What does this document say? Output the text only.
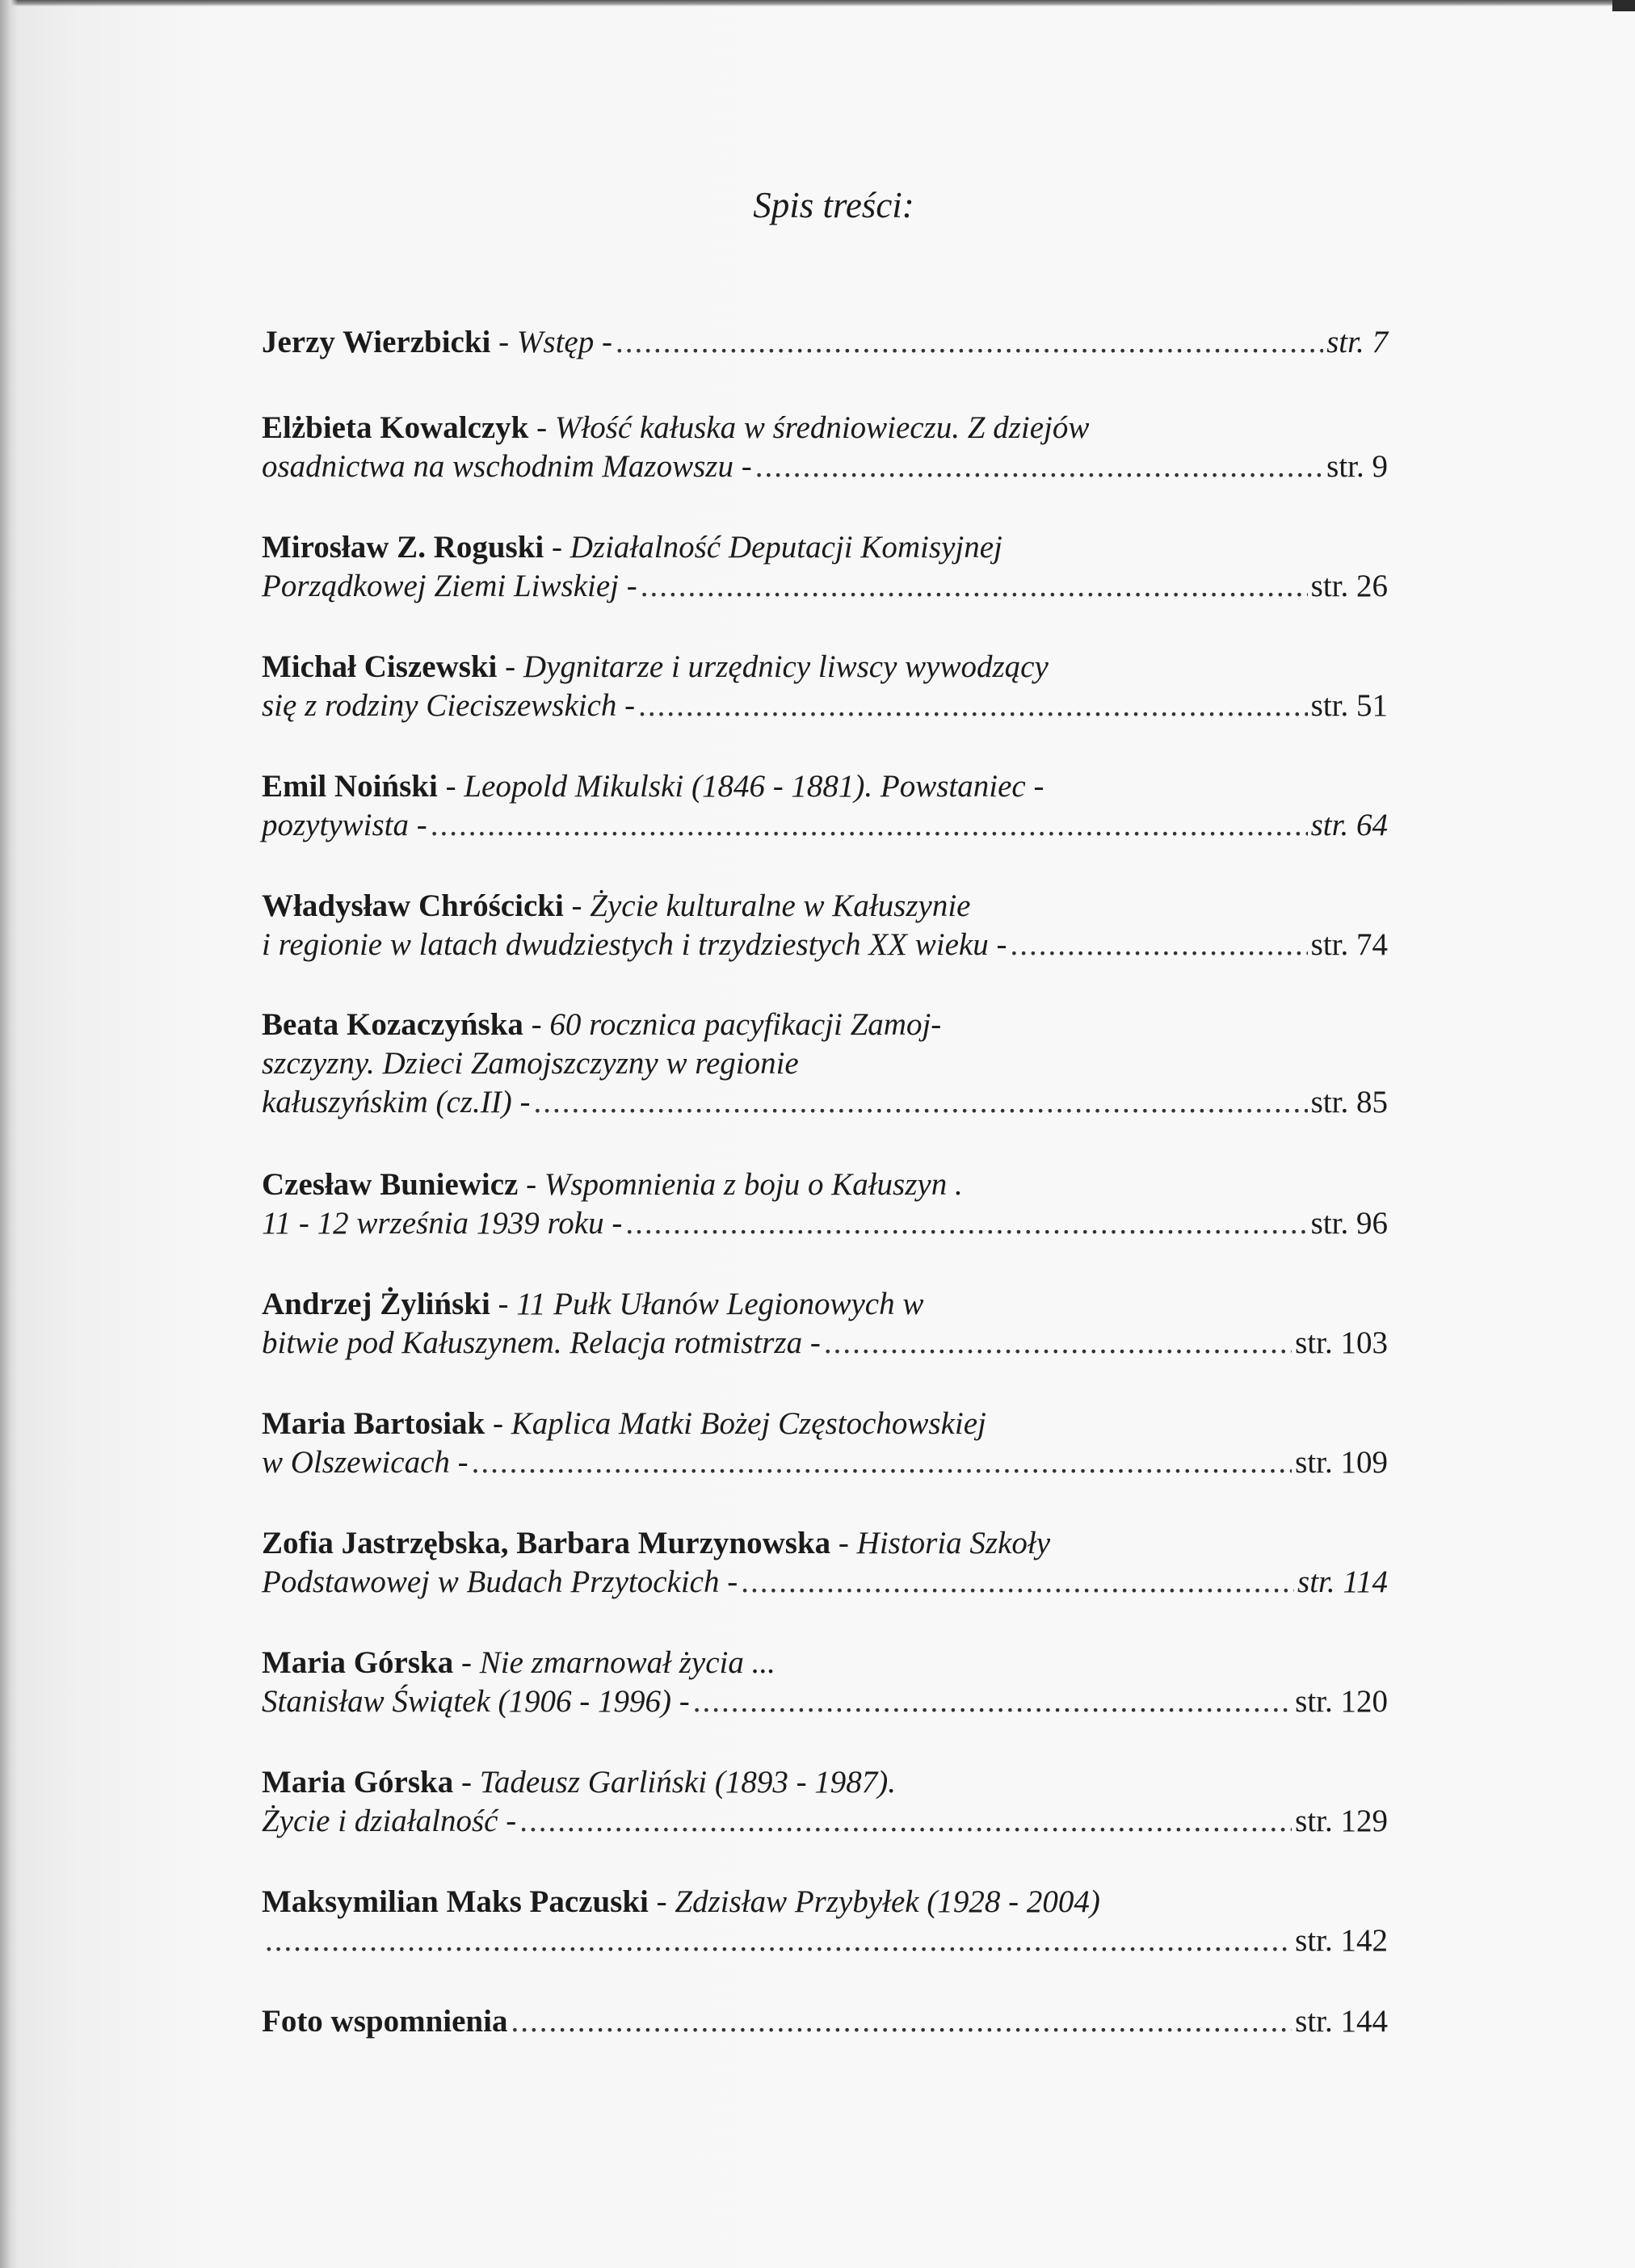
Spis treści:
Jerzy Wierzbicki - Wstęp - .....	str. 7
Elżbieta Kowalczyk - Włość kałuska w średniowieczu. Z dziejów
osadnictwa na wschodnim Mazowszu - .....	str. 9
Mirosław Z. Roguski - Działalność Deputacji Komisyjnej
Porządkowej Ziemi Liwskiej - .....	str. 26
Michał Ciszewski - Dygnitarze i urzędnicy liwscy wywodzący
się z rodziny Cieciszewskich - .....	str. 51
Emil Noiński - Leopold Mikulski (1846 - 1881). Powstaniec -
pozytywista - .....	str. 64
Władysław Chróścicki - Życie kulturalne w Kałuszynie
i regionie w latach dwudziestych i trzydziestych XX wieku - .....	str. 74
Beata Kozaczyńska - 60 rocznica pacyfikacji Zamoj-
szczyzny. Dzieci Zamojszczyzny w regionie
kałuszyńskim (cz.II) - .....	str. 85
Czesław Buniewicz - Wspomnienia z boju o Kałuszyn .
11 - 12 września 1939 roku - .....	str. 96
Andrzej Żyliński - 11 Pułk Ułanów Legionowych w
bitwie pod Kałuszynem. Relacja rotmistrza - .....	str. 103
Maria Bartosiak - Kaplica Matki Bożej Częstochowskiej
w Olszewicach - .....	str. 109
Zofia Jastrzębska, Barbara Murzynowska - Historia Szkoły
Podstawowej w Budach Przytockich - .....	str. 114
Maria Górska - Nie zmarnował życia ...
Stanisław Świątek (1906 - 1996) - .....	str. 120
Maria Górska - Tadeusz Garliński (1893 - 1987).
Życie i działalność - .....	str. 129
Maksymilian Maks Paczuski - Zdzisław Przybyłek (1928 - 2004)
.....
str. 142
Foto wspomnienia .....	str. 144
